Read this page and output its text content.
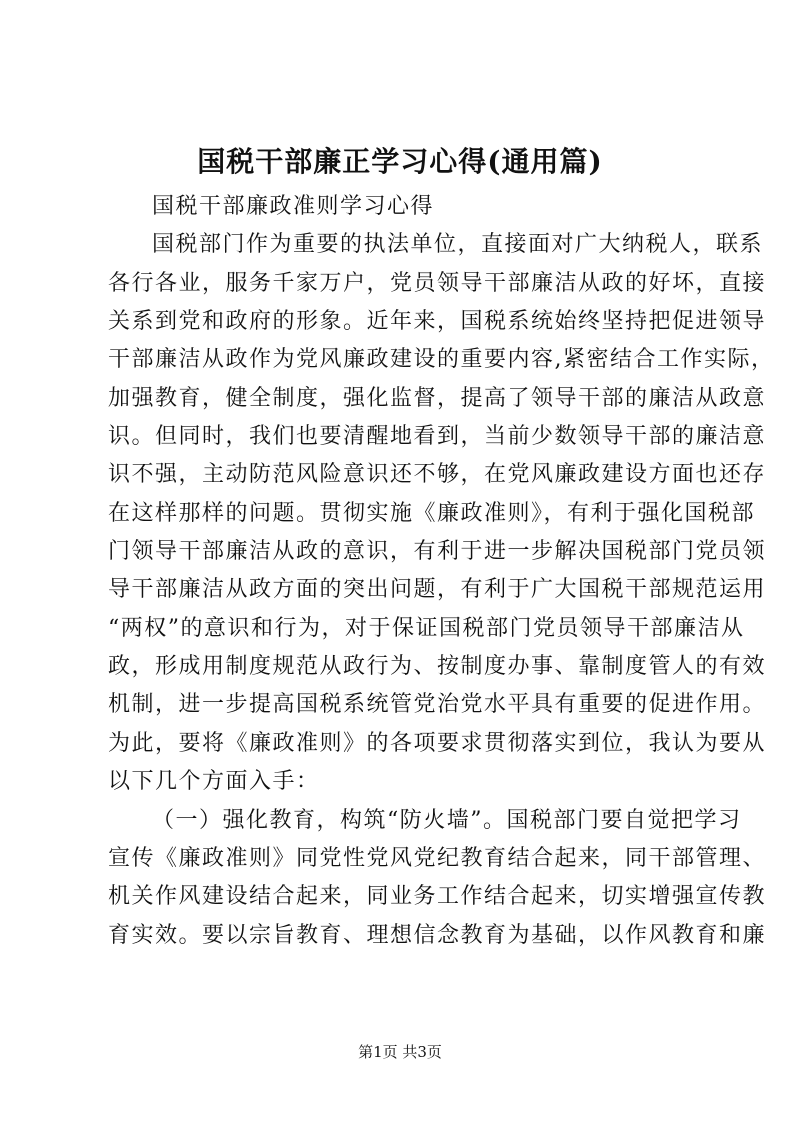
国税干部廉正学习心得(通用篇)
国税干部廉政准则学习心得
国税部门作为重要的执法单位，直接面对广大纳税人，联系
各行各业，服务千家万户，党员领导干部廉洁从政的好坏，直接
关系到党和政府的形象。近年来，国税系统始终坚持把促进领导
干部廉洁从政作为党风廉政建设的重要内容,紧密结合工作实际，
加强教育，健全制度，强化监督，提高了领导干部的廉洁从政意
识。但同时，我们也要清醒地看到，当前少数领导干部的廉洁意
识不强，主动防范风险意识还不够，在党风廉政建设方面也还存
在这样那样的问题。贯彻实施《廉政准则》，有利于强化国税部
门领导干部廉洁从政的意识，有利于进一步解决国税部门党员领
导干部廉洁从政方面的突出问题，有利于广大国税干部规范运用
“两权”的意识和行为，对于保证国税部门党员领导干部廉洁从
政，形成用制度规范从政行为、按制度办事、靠制度管人的有效
机制，进一步提高国税系统管党治党水平具有重要的促进作用。
为此，要将《廉政准则》的各项要求贯彻落实到位，我认为要从
以下几个方面入手：
（一）强化教育，构筑“防火墙”。国税部门要自觉把学习
宣传《廉政准则》同党性党风党纪教育结合起来，同干部管理、
机关作风建设结合起来，同业务工作结合起来，切实增强宣传教
育实效。要以宗旨教育、理想信念教育为基础，以作风教育和廉
第1页 共3页
